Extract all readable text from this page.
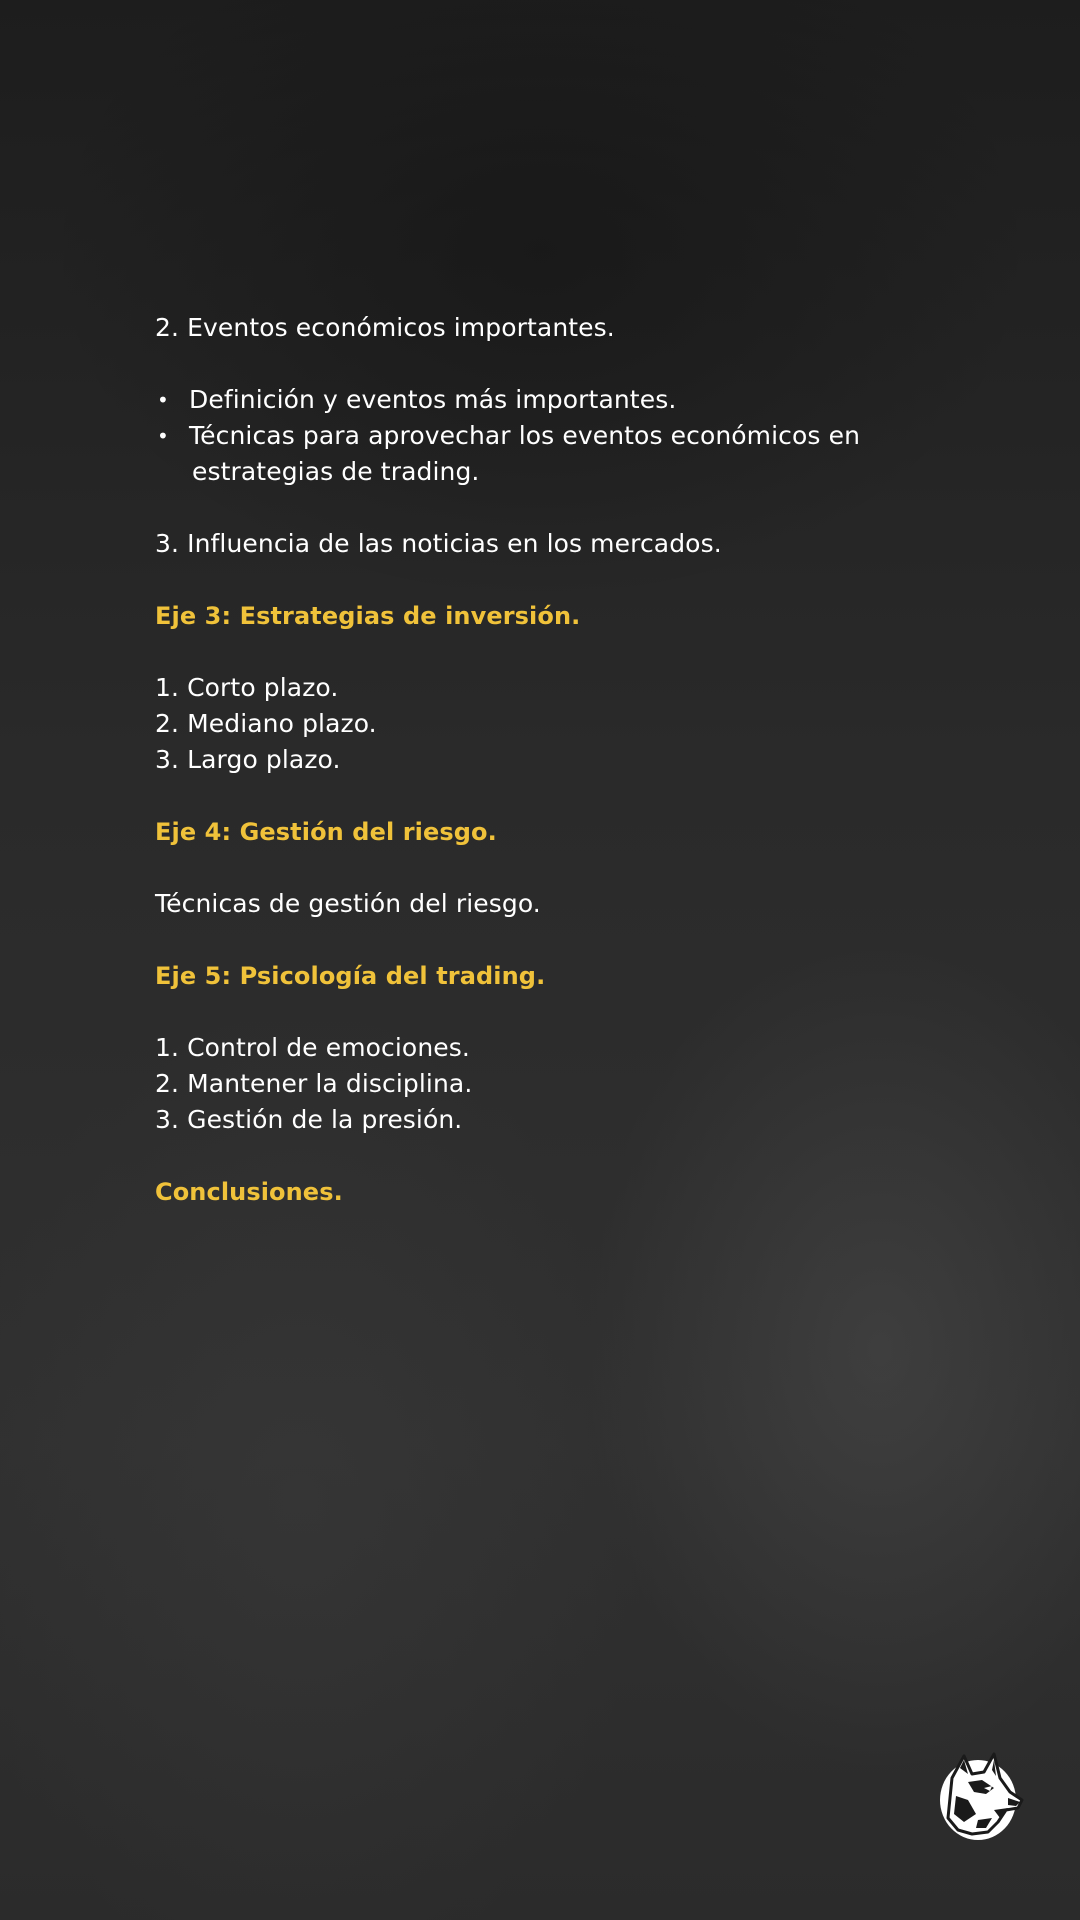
2. Eventos económicos importantes.
• Definición y eventos más importantes.
• Técnicas para aprovechar los eventos económicos en
estrategias de trading.
3. Influencia de las noticias en los mercados.
Eje 3: Estrategias de inversión.
1. Corto plazo.
2. Mediano plazo.
3. Largo plazo.
Eje 4: Gestión del riesgo.
Técnicas de gestión del riesgo.
Eje 5: Psicología del trading.
1. Control de emociones.
2. Mantener la disciplina.
3. Gestión de la presión.
Conclusiones.
